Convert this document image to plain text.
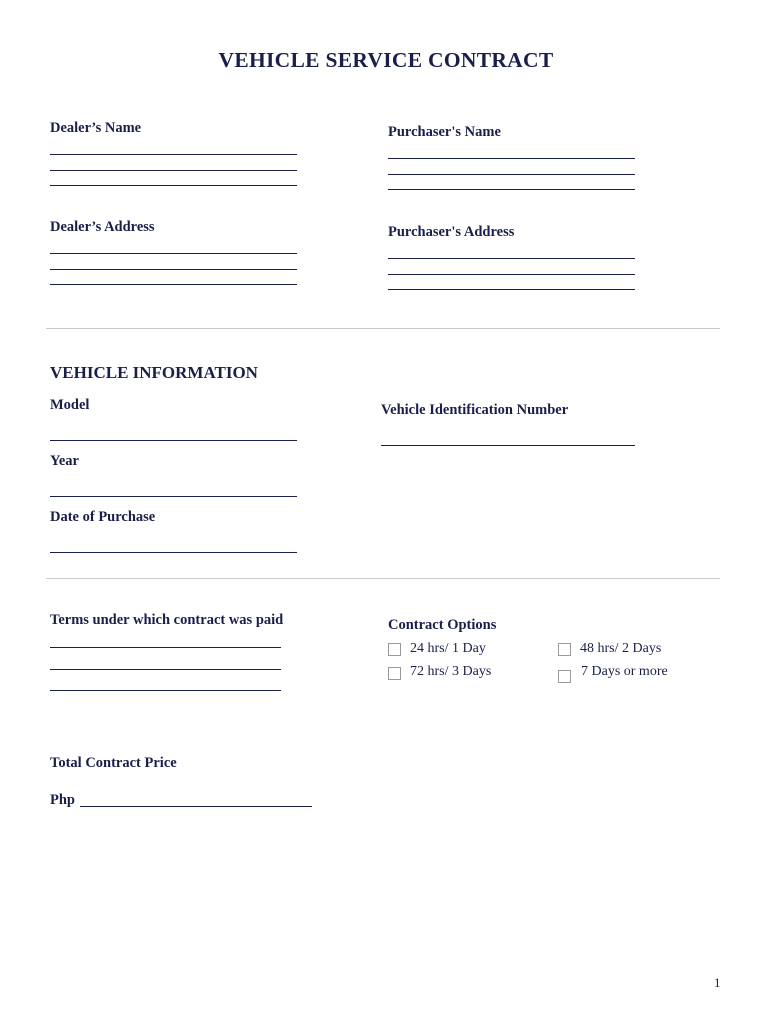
VEHICLE SERVICE CONTRACT
Dealer’s Name	Purchaser's Name
Dealer’s Address	Purchaser's Address
VEHICLE INFORMATION
Model	Vehicle Identification Number
Year
Date of Purchase
Terms under which contract was paid	Contract Options
24 hrs/ 1 Day	48 hrs/ 2 Days
72 hrs/ 3 Days	7 Days or more
Total Contract Price
Php
1
